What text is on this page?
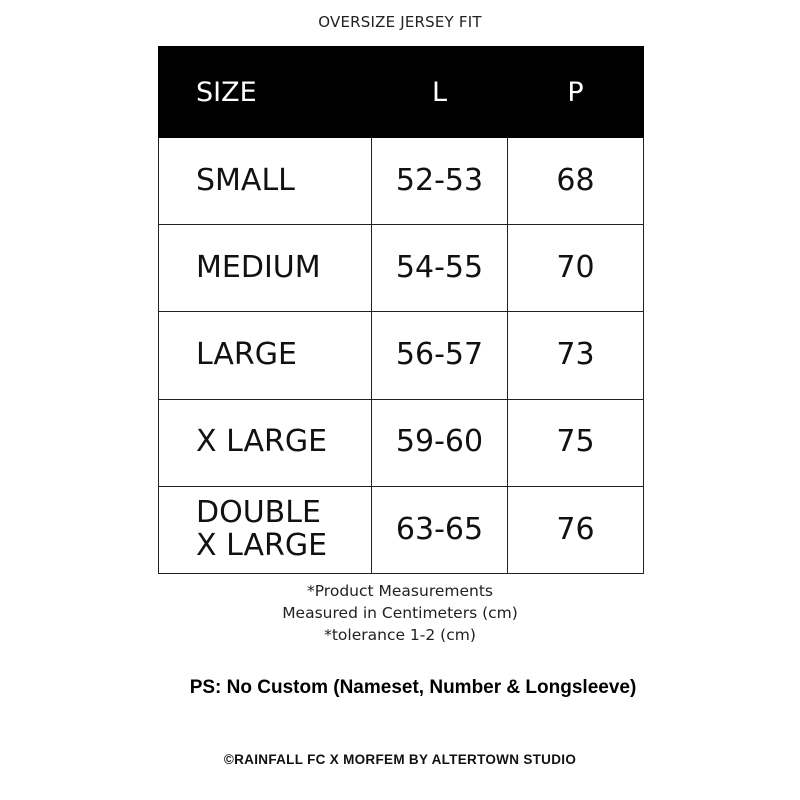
OVERSIZE JERSEY FIT
SIZE	L	P
SMALL	52-53	68
MEDIUM	54-55	70
LARGE	56-57	73
X LARGE	59-60	75

DOUBLE
X LARGE	63-65	76
*Product Measurements
Measured in Centimeters (cm)
*tolerance 1-2 (cm)
PS: No Custom (Nameset, Number & Longsleeve)
©RAINFALL FC X MORFEM BY ALTERTOWN STUDIO
